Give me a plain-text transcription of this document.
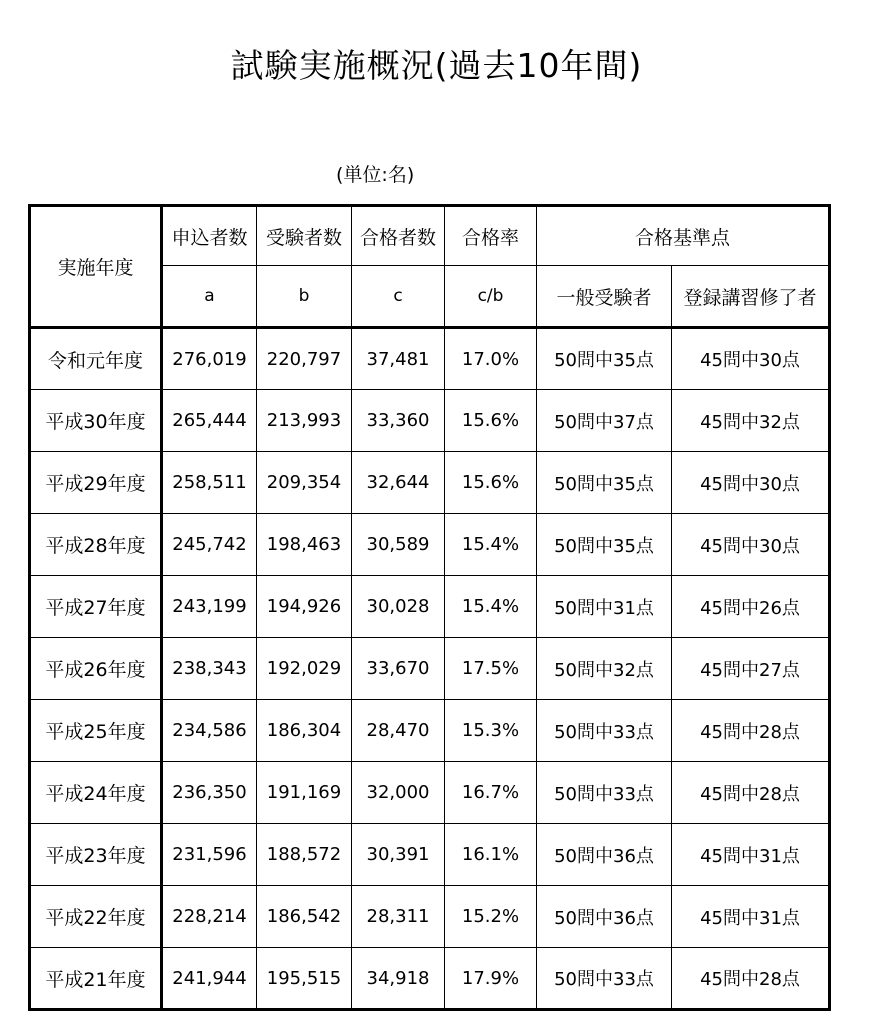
試験実施概況(過去10年間)
(単位:名)
実施年度	申込者数	受験者数	合格者数	合格率	合格基準点	
	a	b	c	c/b	一般受験者	登録講習修了者
令和元年度	276,019	220,797	37,481	17.0%	50問中35点	45問中30点
平成30年度	265,444	213,993	33,360	15.6%	50問中37点	45問中32点
平成29年度	258,511	209,354	32,644	15.6%	50問中35点	45問中30点
平成28年度	245,742	198,463	30,589	15.4%	50問中35点	45問中30点
平成27年度	243,199	194,926	30,028	15.4%	50問中31点	45問中26点
平成26年度	238,343	192,029	33,670	17.5%	50問中32点	45問中27点
平成25年度	234,586	186,304	28,470	15.3%	50問中33点	45問中28点
平成24年度	236,350	191,169	32,000	16.7%	50問中33点	45問中28点
平成23年度	231,596	188,572	30,391	16.1%	50問中36点	45問中31点
平成22年度	228,214	186,542	28,311	15.2%	50問中36点	45問中31点
平成21年度	241,944	195,515	34,918	17.9%	50問中33点	45問中28点
